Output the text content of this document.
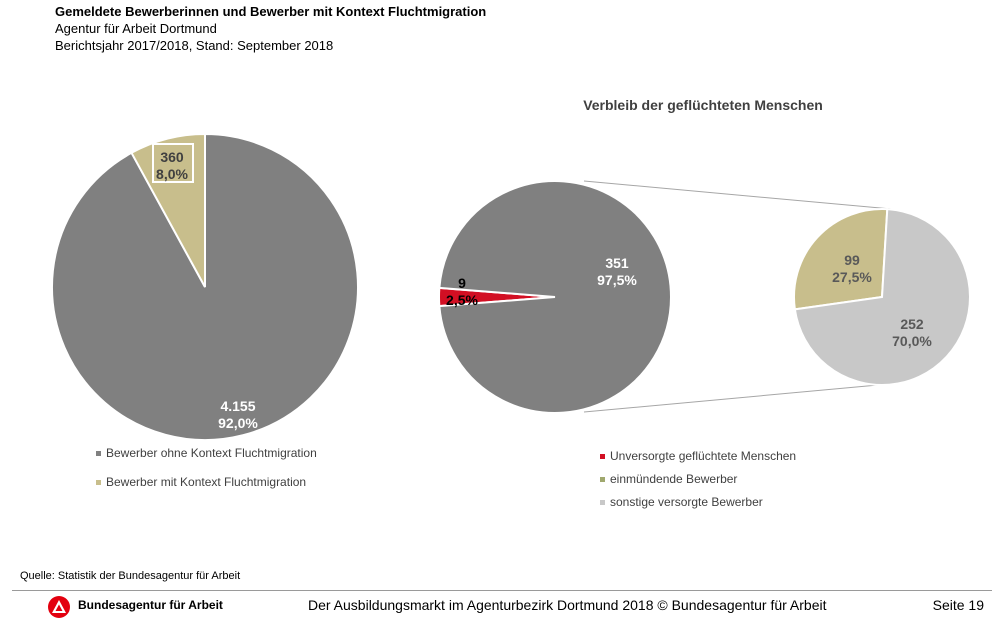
Gemeldete Bewerberinnen und Bewerber mit Kontext Fluchtmigration
Agentur für Arbeit Dortmund
Berichtsjahr 2017/2018, Stand: September 2018
4.155
92,0%
360
8,0%
9
2,5%
351
97,5%
Verbleib der geflüchteten Menschen
99
27,5%
252
70,0%
Bewerber ohne Kontext Fluchtmigration
Bewerber mit Kontext Fluchtmigration
Unversorgte geflüchtete Menschen
einmündende Bewerber
sonstige versorgte Bewerber
Quelle: Statistik der Bundesagentur für Arbeit
Bundesagentur für Arbeit	Der Ausbildungsmarkt im Agenturbezirk Dortmund 2018 © Bundesagentur für Arbeit	Seite 19
